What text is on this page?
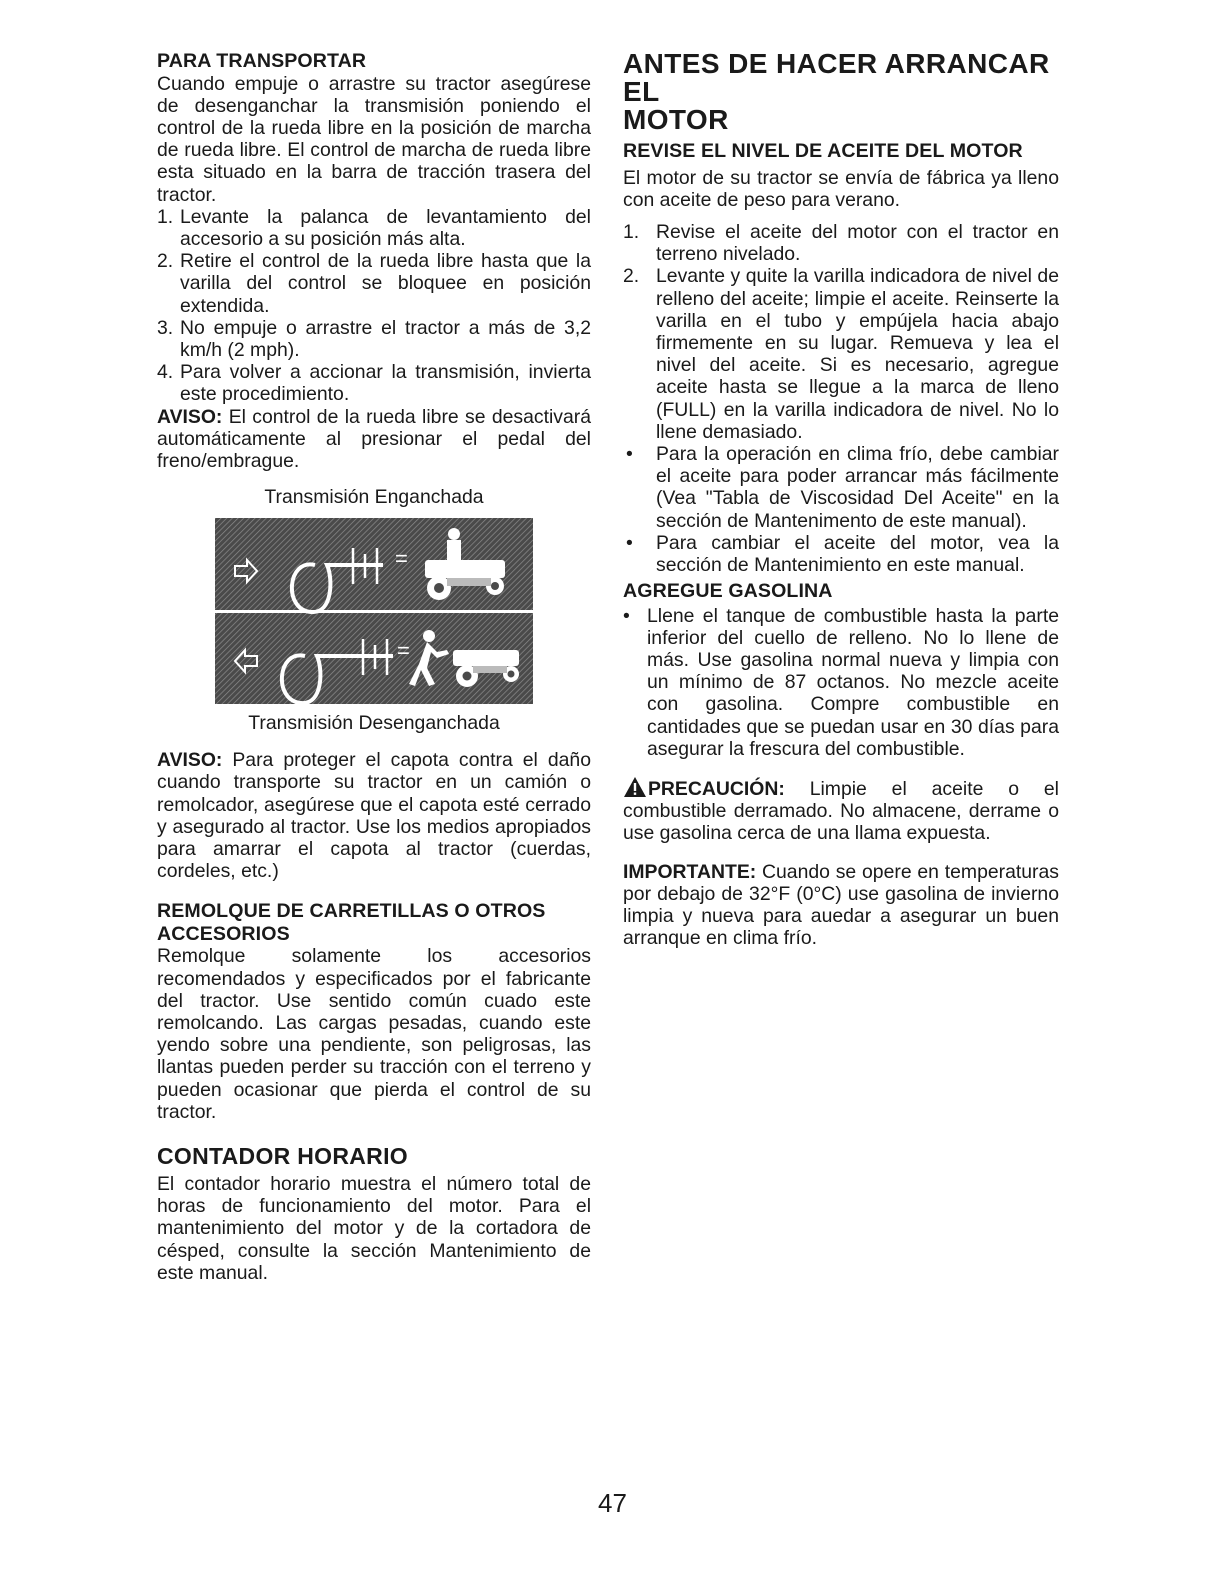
PARA TRANSPORTAR

Cuando empuje o arrastre su tractor asegúrese de desenganchar la transmisión poniendo el control de la rueda libre en la posición de marcha de rueda libre. El control de marcha de rueda libre esta situado en la barra de tracción trasera del tractor.

1. Levante la palanca de levantamiento del accesorio a su posición más alta.
2. Retire el control de la rueda libre hasta que la varilla del control se bloquee en posición extendida.
3. No empuje o arrastre el tractor a más de 3,2 km/h (2 mph).
4. Para volver a accionar la transmisión, invierta este procedimiento.

AVISO: El control de la rueda libre se desactivará automáticamente al presionar el pedal del freno/embrague.

Transmisión Enganchada
=
=
Transmisión Desenganchada

AVISO: Para proteger el capota contra el daño cuando transporte su tractor en un camión o remolcador, asegúrese que el capota esté cerrado y asegurado al tractor. Use los medios apropiados para amarrar el capota al tractor (cuerdas, cordeles, etc.)

REMOLQUE DE CARRETILLAS O OTROS
ACCESORIOS

Remolque solamente los accesorios recomendados y especificados por el fabricante del tractor. Use sentido común cuado este remolcando. Las cargas pesadas, cuando este yendo sobre una pendiente, son peligrosas, las llantas pueden perder su tracción con el terreno y pueden ocasionar que pierda el control de su tractor.

CONTADOR HORARIO

El contador horario muestra el número total de horas de funcionamiento del motor. Para el mantenimiento del motor y de la cortadora de césped, consulte la sección Mantenimiento de este manual.

ANTES DE HACER ARRANCAR EL
MOTOR
REVISE EL NIVEL DE ACEITE DEL MOTOR

El motor de su tractor se envía de fábrica ya lleno con aceite de peso para verano.

1. Revise el aceite del motor con el tractor en terreno nivelado.
2. Levante y quite la varilla indicadora de nivel de relleno del aceite; limpie el aceite. Reinserte la varilla en el tubo y empújela hacia abajo firmemente en su lugar. Remueva y lea el nivel del aceite. Si es necesario, agregue aceite hasta se llegue a la marca de lleno (FULL) en la varilla indicadora de nivel. No lo llene demasiado.
•	Para la operación en clima frío, debe cambiar el aceite para poder arrancar más fácilmente (Vea "Tabla de Viscosidad Del Aceite" en la sección de Mantenimento de este manual).
•	Para cambiar el aceite del motor, vea la sección de Mantenimiento en este manual.
AGREGUE GASOLINA
• Llene el tanque de combustible hasta la parte inferior del cuello de relleno. No lo llene de más. Use gasolina normal nueva y limpia con un mínimo de 87 octanos. No mezcle aceite con gasolina. Compre combustible en cantidades que se puedan usar en 30 días para asegurar la frescura del combustible.

PRECAUCIÓN: Limpie el aceite o el combustible derramado. No almacene, derrame o use gasolina cerca de una llama expuesta.

IMPORTANTE: Cuando se opere en temperaturas por debajo de 32°F (0°C) use gasolina de invierno limpia y nueva para auedar a asegurar un buen arranque en clima frío.

47
